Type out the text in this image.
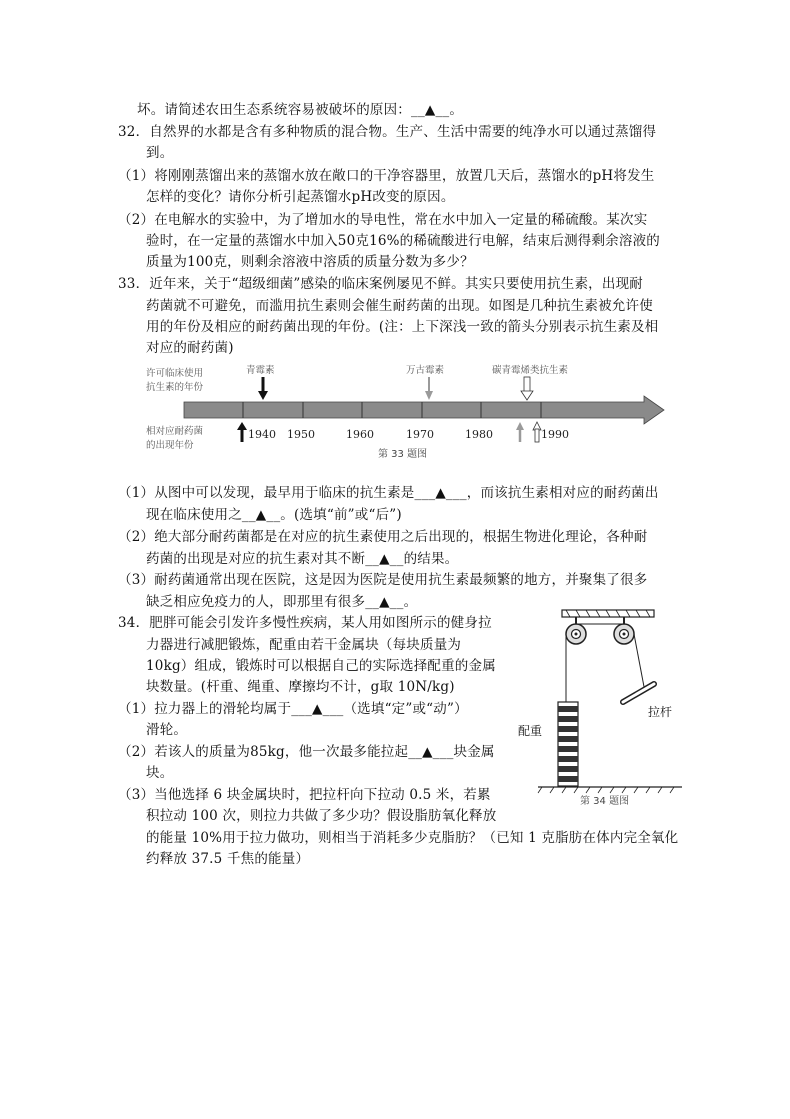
坏。请简述农田生态系统容易被破坏的原因：__▲__。
32．自然界的水都是含有多种物质的混合物。生产、生活中需要的纯净水可以通过蒸馏得
到。
（1）将刚刚蒸馏出来的蒸馏水放在敞口的干净容器里，放置几天后，蒸馏水的pH将发生
怎样的变化？请你分析引起蒸馏水pH改变的原因。
（2）在电解水的实验中，为了增加水的导电性，常在水中加入一定量的稀硫酸。某次实
验时，在一定量的蒸馏水中加入50克16%的稀硫酸进行电解，结束后测得剩余溶液的
质量为100克，则剩余溶液中溶质的质量分数为多少？
33．近年来，关于“超级细菌”感染的临床案例屡见不鲜。其实只要使用抗生素，出现耐
药菌就不可避免，而滥用抗生素则会催生耐药菌的出现。如图是几种抗生素被允许使
用的年份及相应的耐药菌出现的年份。(注：上下深浅一致的箭头分别表示抗生素及相
对应的耐药菌)
许可临床使用
抗生素的年份
相对应耐药菌
的出现年份
青霉素	万古霉素	碳青霉烯类抗生素
1940 1950	1960	1970	1980	1990
第 33 题图
（1）从图中可以发现，最早用于临床的抗生素是___▲___，而该抗生素相对应的耐药菌出
现在临床使用之__▲__。(选填“前”或“后”)
（2）绝大部分耐药菌都是在对应的抗生素使用之后出现的，根据生物进化理论，各种耐
药菌的出现是对应的抗生素对其不断__▲__的结果。
（3）耐药菌通常出现在医院，这是因为医院是使用抗生素最频繁的地方，并聚集了很多
缺乏相应免疫力的人，即那里有很多__▲__。
34．肥胖可能会引发许多慢性疾病，某人用如图所示的健身拉
力器进行减肥锻炼，配重由若干金属块（每块质量为
10kg）组成，锻炼时可以根据自己的实际选择配重的金属
块数量。(杆重、绳重、摩擦均不计，g取 10N/kg)
（1）拉力器上的滑轮均属于___▲___（选填“定”或“动”）
滑轮。
（2）若该人的质量为85kg，他一次最多能拉起__▲___块金属
块。
（3）当他选择 6 块金属块时，把拉杆向下拉动 0.5 米，若累
积拉动 100 次，则拉力共做了多少功？假设脂肪氧化释放
的能量 10%用于拉力做功，则相当于消耗多少克脂肪？（已知 1 克脂肪在体内完全氧化
约释放 37.5 千焦的能量）
配重
拉杆
第 34 题图
